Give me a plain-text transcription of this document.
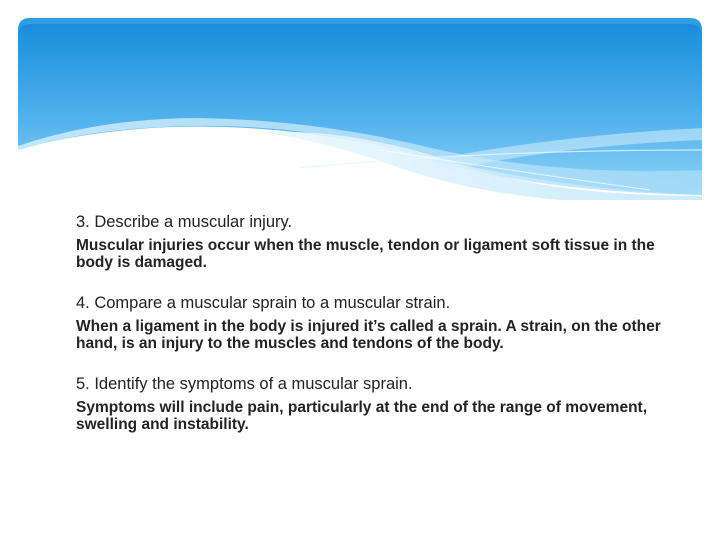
3. Describe a muscular injury.

Muscular injuries occur when the muscle, tendon or ligament soft tissue in the body is damaged.

4. Compare a muscular sprain to a muscular strain.

When a ligament in the body is injured it’s called a sprain. A strain, on the other hand, is an injury to the muscles and tendons of the body.

5. Identify the symptoms of a muscular sprain.

Symptoms will include pain, particularly at the end of the range of movement, swelling and instability.
